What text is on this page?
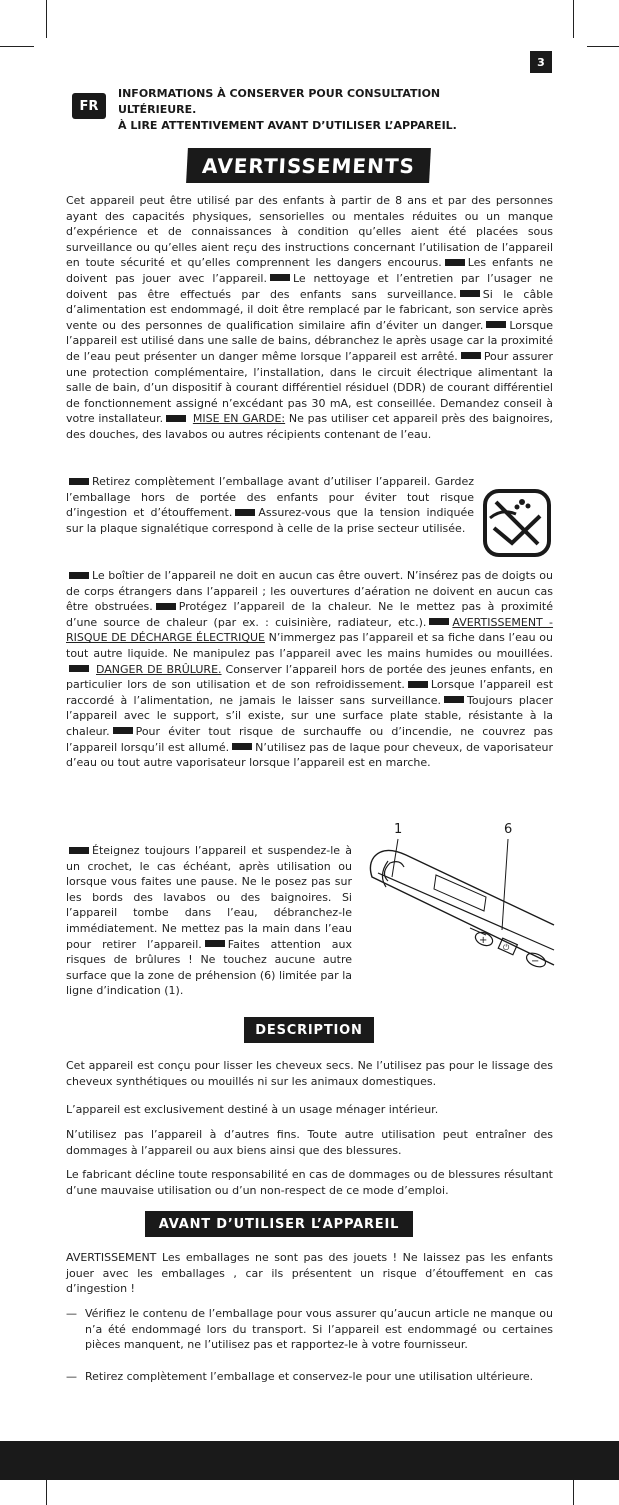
3
FR
INFORMATIONS À CONSERVER POUR CONSULTATION
ULTÉRIEURE.
À LIRE ATTENTIVEMENT AVANT D’UTILISER L’APPAREIL.
AVERTISSEMENTS
Cet appareil peut être utilisé par des enfants à partir de 8 ans et par des personnes ayant des capacités physiques, sensorielles ou mentales réduites ou un manque d’expérience et de connaissances à condition qu’elles aient été placées sous surveillance ou qu’elles aient reçu des instructions concernant l’utilisation de l’appareil en toute sécurité et qu’elles comprennent les dangers encourus. Les enfants ne doivent pas jouer avec l’appareil. Le nettoyage et l’entretien par l’usager ne doivent pas être effectués par des enfants sans surveillance. Si le câble d’alimentation est endommagé, il doit être remplacé par le fabricant, son service après vente ou des personnes de qualification similaire afin d’éviter un danger. Lorsque l’appareil est utilisé dans une salle de bains, débranchez le après usage car la proximité de l’eau peut présenter un danger même lorsque l’appareil est arrêté. Pour assurer une protection complémentaire, l’installation, dans le circuit électrique alimentant la salle de bain, d’un dispositif à courant différentiel résiduel (DDR) de courant différentiel de fonctionnement assigné n’excédant pas 30 mA, est conseillée. Demandez conseil à votre installateur.	MISE EN GARDE: Ne pas utiliser cet appareil près des baignoires, des douches, des lavabos ou autres récipients contenant de l’eau.
Retirez complètement l’emballage avant d’utiliser l’appareil. Gardez l’emballage hors de portée des enfants pour éviter tout risque d’ingestion et d’étouffement. Assurez-vous que la tension indiquée sur la plaque signalétique correspond à celle de la prise secteur utilisée.
Le boîtier de l’appareil ne doit en aucun cas être ouvert. N’insérez pas de doigts ou de corps étrangers dans l’appareil ; les ouvertures d’aération ne doivent en aucun cas être obstruées. Protégez l’appareil de la chaleur. Ne le mettez pas à proximité d’une source de chaleur (par ex. : cuisinière, radiateur, etc.). AVERTISSEMENT - RISQUE DE DÉCHARGE ÉLECTRIQUE N’immergez pas l’appareil et sa fiche dans l’eau ou tout autre liquide. Ne manipulez pas l’appareil avec les mains humides ou mouillées. DANGER DE BRÛLURE. Conserver l’appareil hors de portée des jeunes enfants, en particulier lors de son utilisation et de son refroidissement. Lorsque l’appareil est raccordé à l’alimentation, ne jamais le laisser sans surveillance. Toujours placer l’appareil avec le support, s’il existe, sur une surface plate stable, résistante à la chaleur. Pour éviter tout risque de surchauffe ou d’incendie, ne couvrez pas l’appareil lorsqu’il est allumé. N’utilisez pas de laque pour cheveux, de vaporisateur d’eau ou tout autre vaporisateur lorsque l’appareil est en marche.
Éteignez toujours l’appareil et suspendez-le à un crochet, le cas échéant, après utilisation ou lorsque vous faites une pause. Ne le posez pas sur les bords des lavabos ou des baignoires. Si l’appareil tombe dans l’eau, débranchez-le immédiatement. Ne mettez pas la main dans l’eau pour retirer l’appareil. Faites attention aux risques de brûlures ! Ne touchez aucune autre surface que la zone de préhension (6) limitée par la ligne d’indication (1).
1	6
+
⏻
−
DESCRIPTION
Cet appareil est conçu pour lisser les cheveux secs. Ne l’utilisez pas pour le lissage des cheveux synthétiques ou mouillés ni sur les animaux domestiques.
L’appareil est exclusivement destiné à un usage ménager intérieur.
N’utilisez pas l’appareil à d’autres fins. Toute autre utilisation peut entraîner des dommages à l’appareil ou aux biens ainsi que des blessures.
Le fabricant décline toute responsabilité en cas de dommages ou de blessures résultant d’une mauvaise utilisation ou d’un non-respect de ce mode d’emploi.
AVANT D’UTILISER L’APPAREIL
AVERTISSEMENT Les emballages ne sont pas des jouets ! Ne laissez pas les enfants jouer avec les emballages , car ils présentent un risque d’étouffement en cas d’ingestion !
— Vérifiez le contenu de l’emballage pour vous assurer qu’aucun article ne manque ou n’a été endommagé lors du transport. Si l’appareil est endommagé ou certaines pièces manquent, ne l’utilisez pas et rapportez-le à votre fournisseur.
— Retirez complètement l’emballage et conservez-le pour une utilisation ultérieure.
